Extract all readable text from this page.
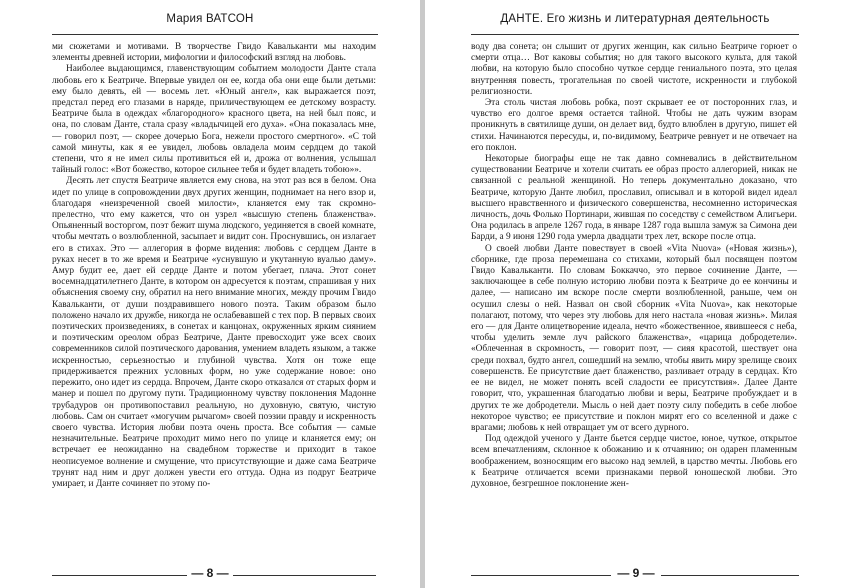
Мария ВАТСОН

ми сюжетами и мотивами. В творчестве Гвидо Кавальканти мы находим элементы древней истории, мифологии и философский взгляд на любовь.

Наиболее выдающимся, главенствующим событием молодости Данте стала любовь его к Беатриче. Впервые увидел он ее, когда оба они еще были детьми: ему было девять, ей — восемь лет. «Юный ангел», как выражается поэт, предстал перед его глазами в наряде, приличествующем ее детскому возрасту. Беатриче была в одеждах «благородного» красного цвета, на ней был пояс, и она, по словам Данте, стала сразу «владычицей его духа». «Она показалась мне, — говорил поэт, — скорее дочерью Бога, нежели простого смертного». «С той самой минуты, как я ее увидел, любовь овладела моим сердцем до такой степени, что я не имел силы противиться ей и, дрожа от волнения, услышал тайный голос: «Вот божество, которое сильнее тебя и будет владеть тобою»».

Десять лет спустя Беатриче является ему снова, на этот раз вся в белом. Она идет по улице в сопровождении двух других женщин, поднимает на него взор и, благодаря «неизреченной своей милости», кланяется ему так скромно-прелестно, что ему кажется, что он узрел «высшую степень блаженства». Опьяненный восторгом, поэт бежит шума людского, уединяется в своей комнате, чтобы мечтать о возлюбленной, засыпает и видит сон. Проснувшись, он излагает его в стихах. Это — аллегория в форме видения: любовь с сердцем Данте в руках несет в то же время и Беатриче «уснувшую и укутанную вуалью даму». Амур будит ее, дает ей сердце Данте и потом убегает, плача. Этот сонет восемнадцатилетнего Данте, в котором он адресуется к поэтам, спрашивая у них объяснения своему сну, обратил на него внимание многих, между прочим Гвидо Кавальканти, от души поздравившего нового поэта. Таким образом было положено начало их дружбе, никогда не ослабевавшей с тех пор. В первых своих поэтических произведениях, в сонетах и канцонах, окруженных ярким сиянием и поэтическим ореолом образ Беатриче, Данте превосходит уже всех своих современников силой поэтического дарования, умением владеть языком, а также искренностью, серьезностью и глубиной чувства. Хотя он тоже еще придерживается прежних условных форм, но уже содержание новое: оно пережито, оно идет из сердца. Впрочем, Данте скоро отказался от старых форм и манер и пошел по другому пути. Традиционному чувству поклонения Мадонне трубадуров он противопоставил реальную, но духовную, святую, чистую любовь. Сам он считает «могучим рычагом» своей поэзии правду и искренность своего чувства. История любви поэта очень проста. Все события — самые незначительные. Беатриче проходит мимо него по улице и кланяется ему; он встречает ее неожиданно на свадебном торжестве и приходит в такое неописуемое волнение и смущение, что присутствующие и даже сама Беатриче трунят над ним и друг должен увести его оттуда. Одна из подруг Беатриче умирает, и Данте сочиняет по этому по-

— 8 —
ДАНТЕ. Его жизнь и литературная деятельность

воду два сонета; он слышит от других женщин, как сильно Беатриче горюет о смерти отца… Вот каковы события; но для такого высокого культа, для такой любви, на которую было способно чуткое сердце гениального поэта, это целая внутренняя повесть, трогательная по своей чистоте, искренности и глубокой религиозности.

Эта столь чистая любовь робка, поэт скрывает ее от посторонних глаз, и чувство его долгое время остается тайной. Чтобы не дать чужим взорам проникнуть в святилище души, он делает вид, будто влюблен в другую, пишет ей стихи. Начинаются пересуды, и, по-видимому, Беатриче ревнует и не отвечает на его поклон.

Некоторые биографы еще не так давно сомневались в действительном существовании Беатриче и хотели считать ее образ просто аллегорией, никак не связанной с реальной женщиной. Но теперь документально доказано, что Беатриче, которую Данте любил, прославил, описывал и в которой видел идеал высшего нравственного и физического совершенства, несомненно историческая личность, дочь Фолько Портинари, жившая по соседству с семейством Алигьери. Она родилась в апреле 1267 года, в январе 1287 года вышла замуж за Симона деи Барди, а 9 июня 1290 года умерла двадцати трех лет, вскоре после отца.

О своей любви Данте повествует в своей «Vita Nuova» («Новая жизнь»), сборнике, где проза перемешана со стихами, который был посвящен поэтом Гвидо Кавальканти. По словам Боккаччо, это первое сочинение Данте, — заключающее в себе полную историю любви поэта к Беатриче до ее кончины и далее, — написано им вскоре после смерти возлюбленной, раньше, чем он осушил слезы о ней. Назвал он свой сборник «Vita Nuova», как некоторые полагают, потому, что через эту любовь для него настала «новая жизнь». Милая его — для Данте олицетворение идеала, нечто «божественное, явившееся с неба, чтобы уделить земле луч райского блаженства», «царица добродетели». «Облеченная в скромность, — говорит поэт, — сияя красотой, шествует она среди похвал, будто ангел, сошедший на землю, чтобы явить миру зрелище своих совершенств. Ее присутствие дает блаженство, разливает отраду в сердцах. Кто ее не видел, не может понять всей сладости ее присутствия». Далее Данте говорит, что, украшенная благодатью любви и веры, Беатриче пробуждает и в других те же добродетели. Мысль о ней дает поэту силу победить в себе любое некоторое чувство; ее присутствие и поклон мирят его со вселенной и даже с врагами; любовь к ней отвращает ум от всего дурного.

Под одеждой ученого у Данте бьется сердце чистое, юное, чуткое, открытое всем впечатлениям, склонное к обожанию и к отчаянию; он одарен пламенным воображением, возносящим его высоко над землей, в царство мечты. Любовь его к Беатриче отличается всеми признаками первой юношеской любви. Это духовное, безгрешное поклонение жен-

— 9 —
